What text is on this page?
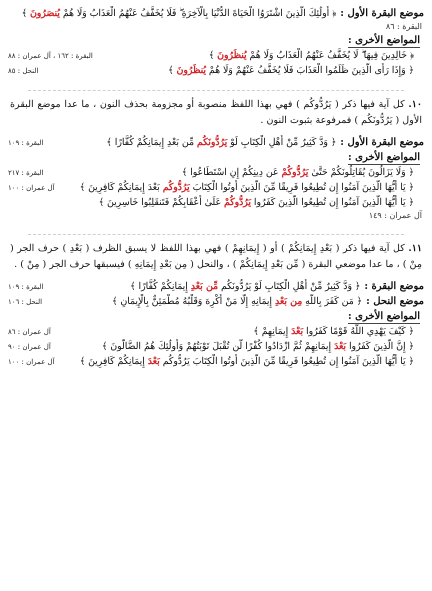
موضع البقرة الأول :
﴿ أُولَٰئِكَ الَّذِينَ اشْتَرَوُا الْحَيَاةَ الدُّنْيَا بِالْآخِرَةِ ۖ فَلَا يُخَفَّفُ عَنْهُمُ الْعَذَابُ وَلَا هُمْ يُنصَرُونَ ﴾
البقرة : ٨٦
المواضع الأخرى :
﴿ خَالِدِينَ فِيهَا ۖ لَا يُخَفَّفُ عَنْهُمُ الْعَذَابُ وَلَا هُمْ يُنظَرُونَ ﴾
البقرة : ١٦٢ ، آل عمران : ٨٨
﴿ وَإِذَا رَأَى الَّذِينَ ظَلَمُوا الْعَذَابَ فَلَا يُخَفَّفُ عَنْهُمْ وَلَا هُمْ يُنظَرُونَ ﴾
النحل : ٨٥
١٠. كل آية فيها ذكر ( يَرُدُّوكُم ) فهي بهذا اللفظ منصوبة أو مجزومة بحذف النون ، ما عدا موضع البقرة الأول ( يَرُدُّونَكُم ) فمرفوعة بثبوت النون .
موضع البقرة الأول :
﴿ وَدَّ كَثِيرٌ مِّنْ أَهْلِ الْكِتَابِ لَوْ يَرُدُّونَكُم مِّن بَعْدِ إِيمَانِكُمْ كُفَّارًا ﴾
البقرة : ١٠٩
المواضع الأخرى :
﴿ وَلَا يَزَالُونَ يُقَاتِلُونَكُمْ حَتَّىٰ يَرُدُّوكُمْ عَن دِينِكُمْ إِنِ اسْتَطَاعُوا ﴾
البقرة : ٢١٧
﴿ يَا أَيُّهَا الَّذِينَ آمَنُوا إِن تُطِيعُوا فَرِيقًا مِّنَ الَّذِينَ أُوتُوا الْكِتَابَ يَرُدُّوكُم بَعْدَ إِيمَانِكُمْ كَافِرِينَ ﴾
آل عمران : ١٠٠
﴿ يَا أَيُّهَا الَّذِينَ آمَنُوا إِن تُطِيعُوا الَّذِينَ كَفَرُوا يَرُدُّوكُمْ عَلَىٰ أَعْقَابِكُمْ فَتَنقَلِبُوا خَاسِرِينَ ﴾
آل عمران : ١٤٩
١١. كل آية فيها ذكر ( بَعْدِ إِيمَانِكُمْ ) أو ( إِيمَانِهِمْ ) فهي بهذا اللفظ لا يسبق الظرف ( بَعْدِ ) حرف الجر ( مِنْ ) ، ما عدا موضعي البقرة ( مِّن بَعْدِ إِيمَانِكُمْ ) ، والنحل ( مِن بَعْدِ إِيمَانِهِ ) فيسبقها حرف الجر ( مِنْ ) .
موضع البقرة :
﴿ وَدَّ كَثِيرٌ مِّنْ أَهْلِ الْكِتَابِ لَوْ يَرُدُّونَكُم مِّن بَعْدِ إِيمَانِكُمْ كُفَّارًا ﴾
البقرة : ١٠٩
موضع النحل :
﴿ مَن كَفَرَ بِاللَّهِ مِن بَعْدِ إِيمَانِهِ إِلَّا مَنْ أُكْرِهَ وَقَلْبُهُ مُطْمَئِنٌّ بِالْإِيمَانِ ﴾
النحل : ١٠٦
المواضع الأخرى :
﴿ كَيْفَ يَهْدِي اللَّهُ قَوْمًا كَفَرُوا بَعْدَ إِيمَانِهِمْ ﴾
آل عمران : ٨٦
﴿ إِنَّ الَّذِينَ كَفَرُوا بَعْدَ إِيمَانِهِمْ ثُمَّ ازْدَادُوا كُفْرًا لَّن تُقْبَلَ تَوْبَتُهُمْ وَأُولَٰئِكَ هُمُ الضَّالُّونَ ﴾
آل عمران : ٩٠
﴿ يَا أَيُّهَا الَّذِينَ آمَنُوا إِن تُطِيعُوا فَرِيقًا مِّنَ الَّذِينَ أُوتُوا الْكِتَابَ يَرُدُّوكُم بَعْدَ إِيمَانِكُمْ كَافِرِينَ ﴾
آل عمران : ١٠٠
